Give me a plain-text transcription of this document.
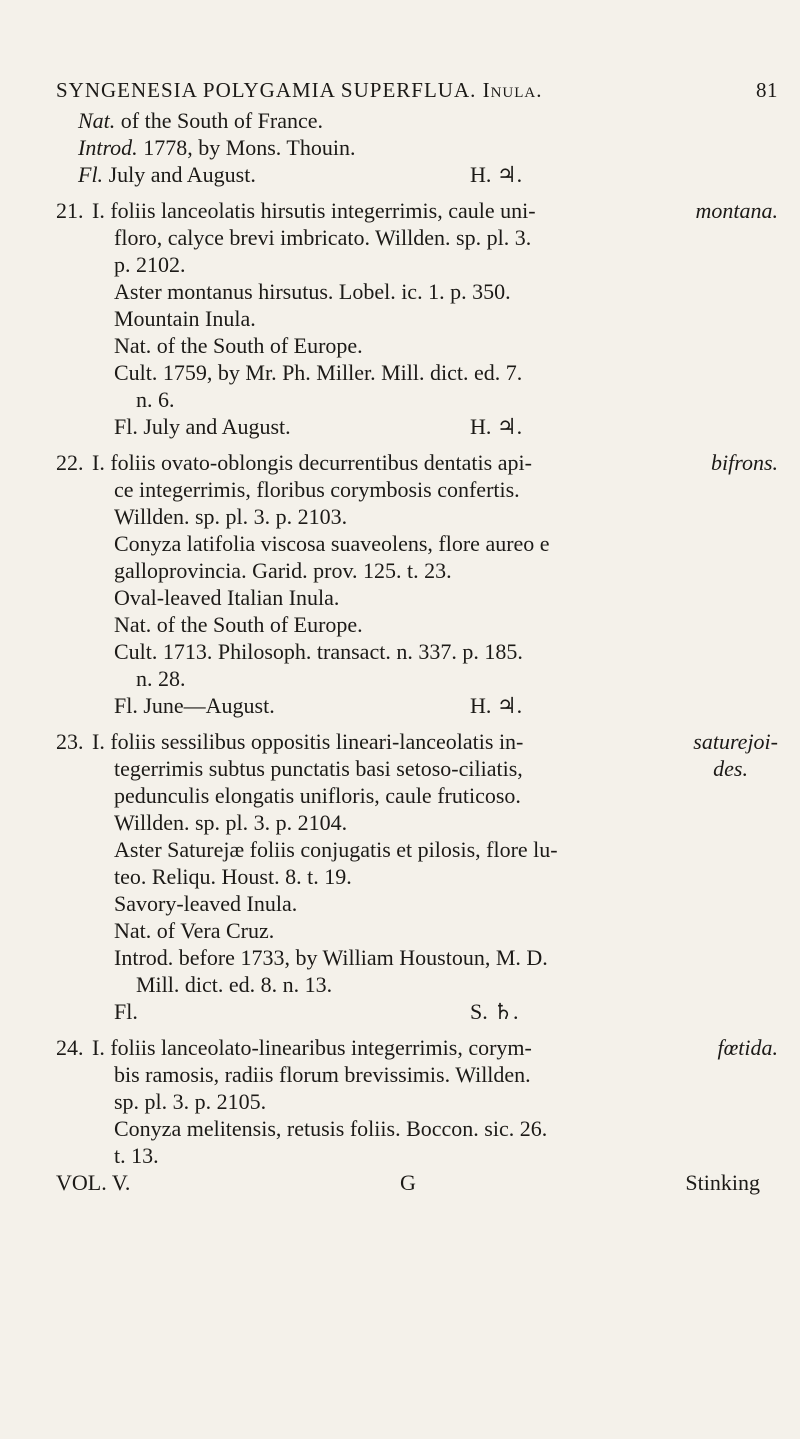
SYNGENESIA POLYGAMIA SUPERFLUA. Inula.	81
Nat. of the South of France.
Introd. 1778, by Mons. Thouin.
Fl. July and August.	H. ♃.
21.	montana.
I. foliis lanceolatis hirsutis integerrimis, caule uni-
floro, calyce brevi imbricato. Willden. sp. pl. 3.
p. 2102.
Aster montanus hirsutus. Lobel. ic. 1. p. 350.
Mountain Inula.
Nat. of the South of Europe.
Cult. 1759, by Mr. Ph. Miller. Mill. dict. ed. 7.
n. 6.
Fl. July and August.	H. ♃.
22.	bifrons.
I. foliis ovato-oblongis decurrentibus dentatis api-
ce integerrimis, floribus corymbosis confertis.
Willden. sp. pl. 3. p. 2103.
Conyza latifolia viscosa suaveolens, flore aureo e
galloprovincia. Garid. prov. 125. t. 23.
Oval-leaved Italian Inula.
Nat. of the South of Europe.
Cult. 1713. Philosoph. transact. n. 337. p. 185.
n. 28.
Fl. June—August.	H. ♃.
23.	saturejoi-
des.
I. foliis sessilibus oppositis lineari-lanceolatis in-
tegerrimis subtus punctatis basi setoso-ciliatis,
pedunculis elongatis unifloris, caule fruticoso.
Willden. sp. pl. 3. p. 2104.
Aster Saturejæ foliis conjugatis et pilosis, flore lu-
teo. Reliqu. Houst. 8. t. 19.
Savory-leaved Inula.
Nat. of Vera Cruz.
Introd. before 1733, by William Houstoun, M. D.
Mill. dict. ed. 8. n. 13.
Fl.	S. ♄.
24.	fœtida.
I. foliis lanceolato-linearibus integerrimis, corym-
bis ramosis, radiis florum brevissimis. Willden.
sp. pl. 3. p. 2105.
Conyza melitensis, retusis foliis. Boccon. sic. 26.
t. 13.
VOL. V.	G	Stinking
